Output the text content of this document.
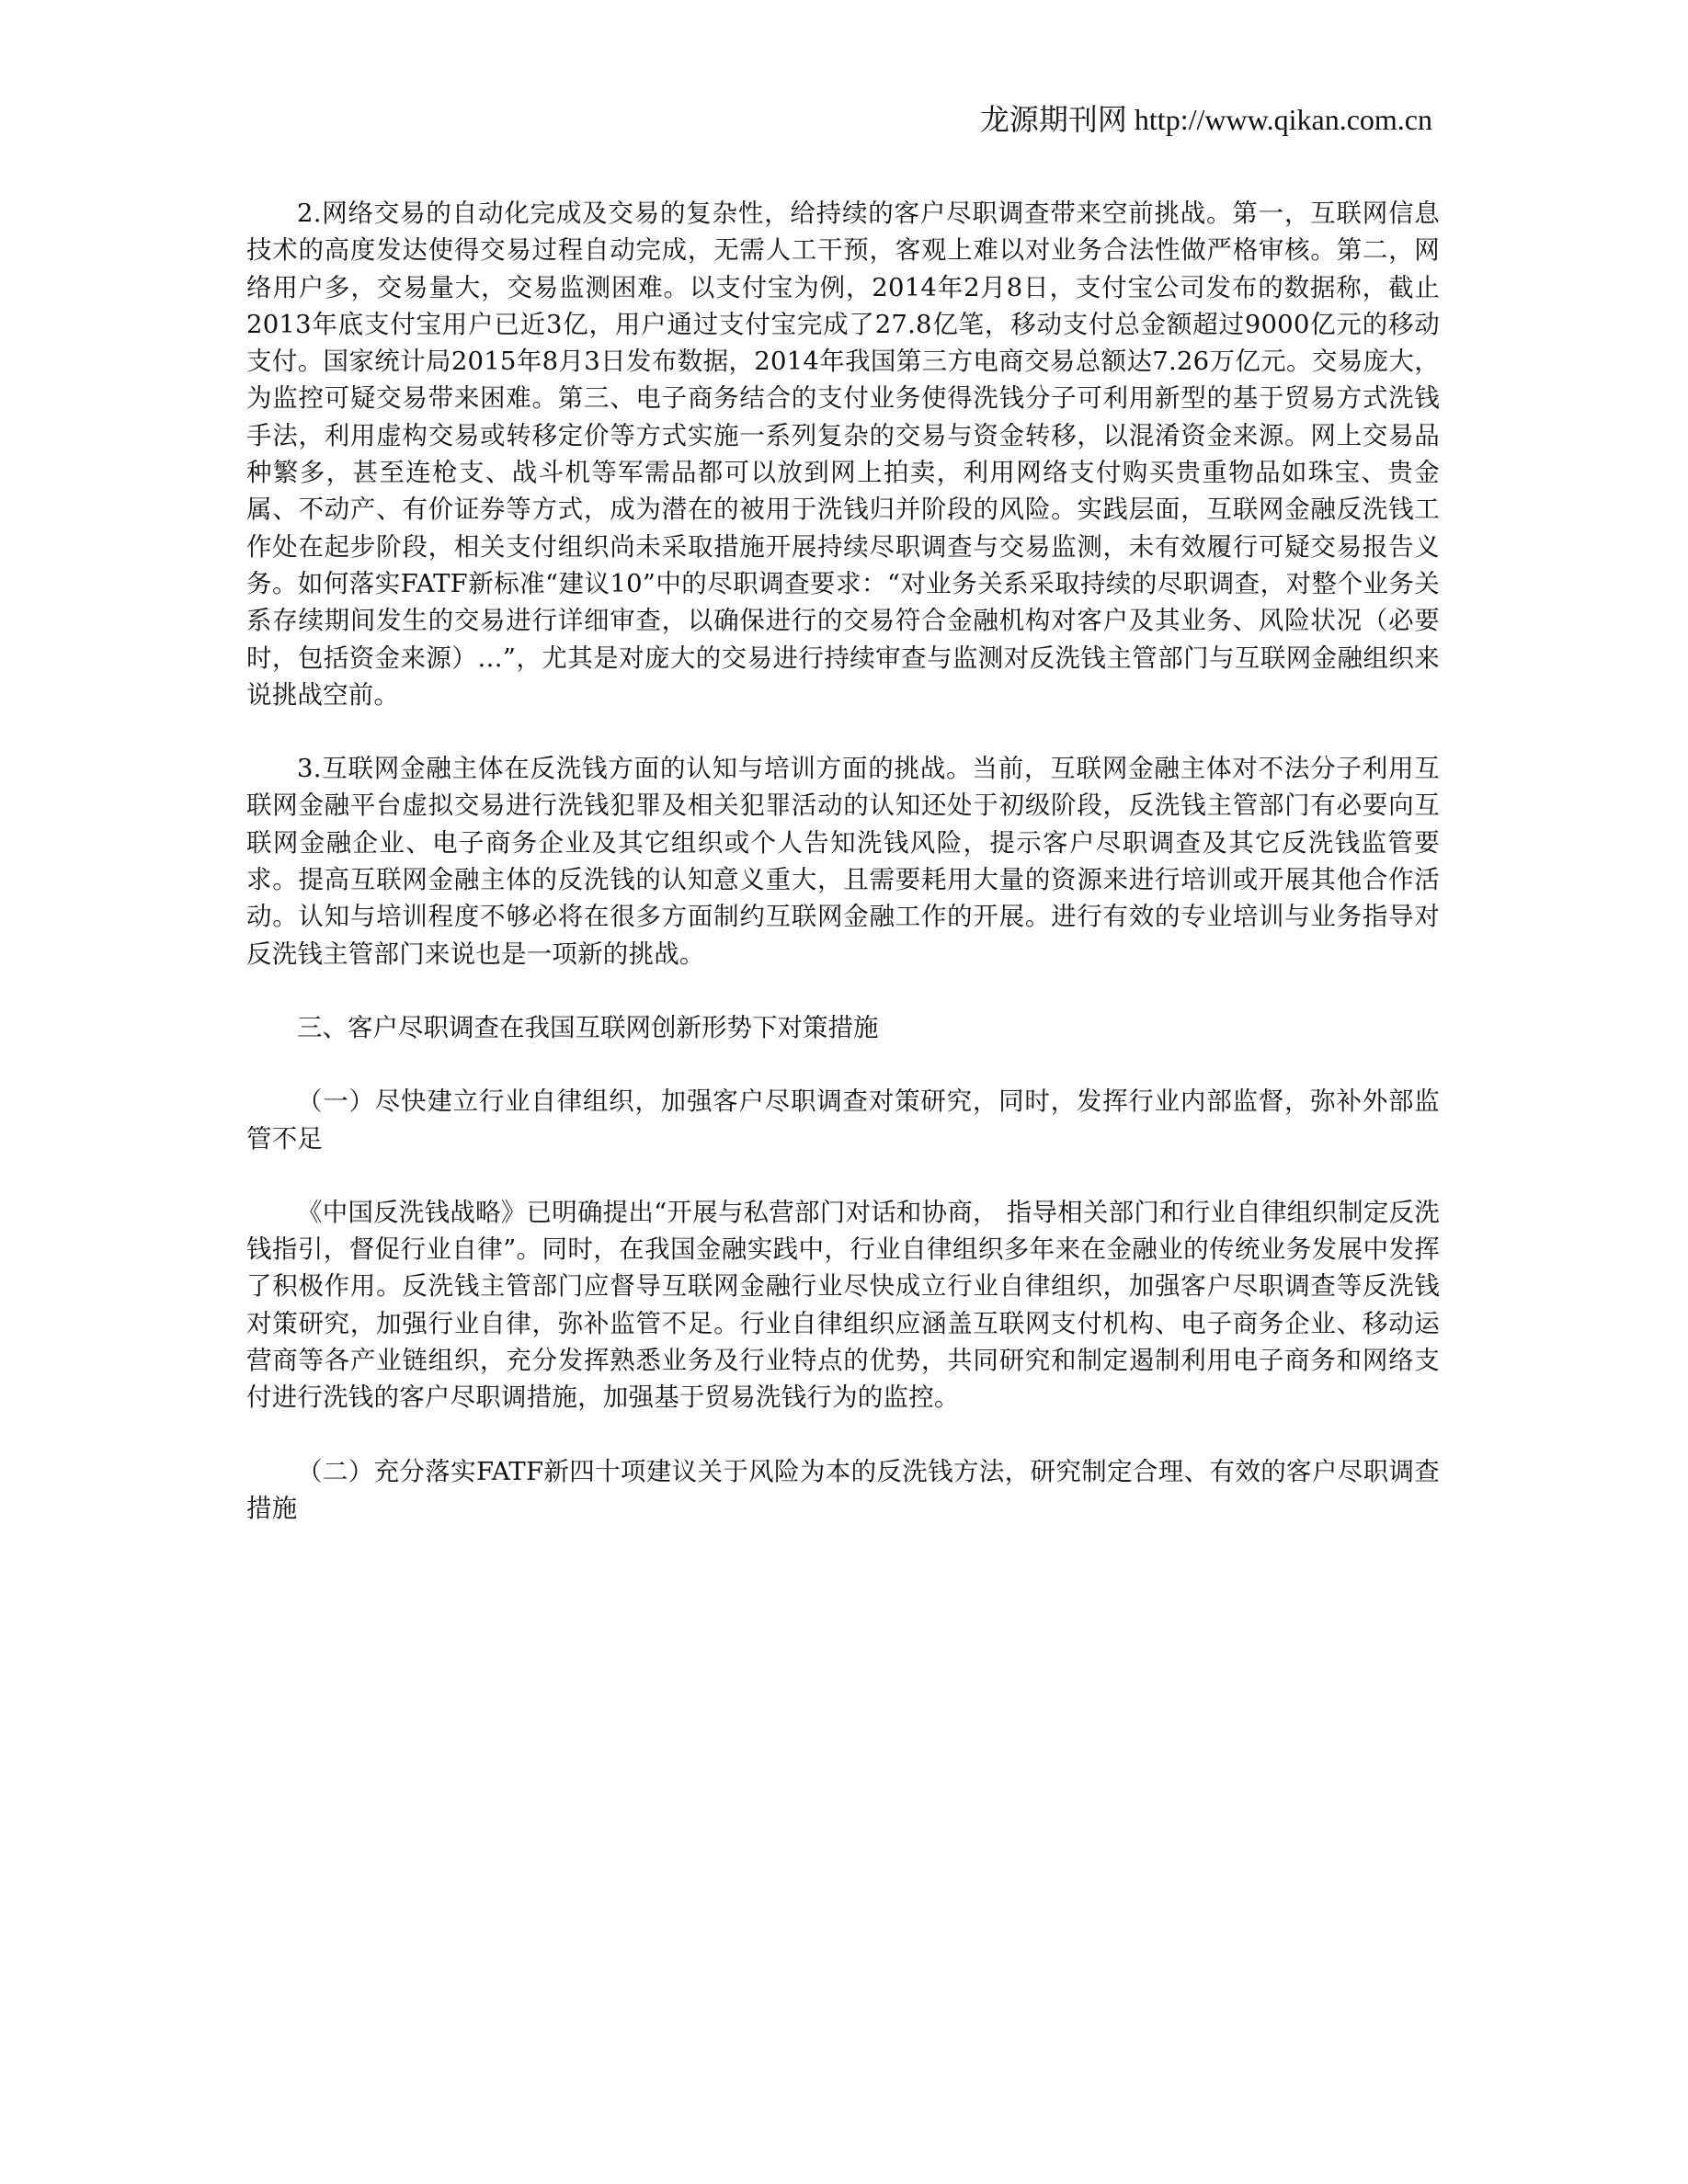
龙源期刊网 http://www.qikan.com.cn

2.网络交易的自动化完成及交易的复杂性，给持续的客户尽职调查带来空前挑战。第一，互联网信息技术的高度发达使得交易过程自动完成，无需人工干预，客观上难以对业务合法性做严格审核。第二，网络用户多，交易量大，交易监测困难。以支付宝为例，2014年2月8日，支付宝公司发布的数据称，截止2013年底支付宝用户已近3亿，用户通过支付宝完成了27.8亿笔，移动支付总金额超过9000亿元的移动支付。国家统计局2015年8月3日发布数据，2014年我国第三方电商交易总额达7.26万亿元。交易庞大，为监控可疑交易带来困难。第三、电子商务结合的支付业务使得洗钱分子可利用新型的基于贸易方式洗钱手法，利用虚构交易或转移定价等方式实施一系列复杂的交易与资金转移，以混淆资金来源。网上交易品种繁多，甚至连枪支、战斗机等军需品都可以放到网上拍卖，利用网络支付购买贵重物品如珠宝、贵金属、不动产、有价证券等方式，成为潜在的被用于洗钱归并阶段的风险。实践层面，互联网金融反洗钱工作处在起步阶段，相关支付组织尚未采取措施开展持续尽职调查与交易监测，未有效履行可疑交易报告义务。如何落实FATF新标准“建议10”中的尽职调查要求：“对业务关系采取持续的尽职调查，对整个业务关系存续期间发生的交易进行详细审查，以确保进行的交易符合金融机构对客户及其业务、风险状况（必要时，包括资金来源）…”，尤其是对庞大的交易进行持续审查与监测对反洗钱主管部门与互联网金融组织来说挑战空前。

3.互联网金融主体在反洗钱方面的认知与培训方面的挑战。当前，互联网金融主体对不法分子利用互联网金融平台虚拟交易进行洗钱犯罪及相关犯罪活动的认知还处于初级阶段，反洗钱主管部门有必要向互联网金融企业、电子商务企业及其它组织或个人告知洗钱风险，提示客户尽职调查及其它反洗钱监管要求。提高互联网金融主体的反洗钱的认知意义重大，且需要耗用大量的资源来进行培训或开展其他合作活动。认知与培训程度不够必将在很多方面制约互联网金融工作的开展。进行有效的专业培训与业务指导对反洗钱主管部门来说也是一项新的挑战。

三、客户尽职调查在我国互联网创新形势下对策措施

（一）尽快建立行业自律组织，加强客户尽职调查对策研究，同时，发挥行业内部监督，弥补外部监管不足

《中国反洗钱战略》已明确提出“开展与私营部门对话和协商， 指导相关部门和行业自律组织制定反洗钱指引，督促行业自律”。同时，在我国金融实践中，行业自律组织多年来在金融业的传统业务发展中发挥了积极作用。反洗钱主管部门应督导互联网金融行业尽快成立行业自律组织，加强客户尽职调查等反洗钱对策研究，加强行业自律，弥补监管不足。行业自律组织应涵盖互联网支付机构、电子商务企业、移动运营商等各产业链组织，充分发挥熟悉业务及行业特点的优势，共同研究和制定遏制利用电子商务和网络支付进行洗钱的客户尽职调措施，加强基于贸易洗钱行为的监控。

（二）充分落实FATF新四十项建议关于风险为本的反洗钱方法，研究制定合理、有效的客户尽职调查措施
